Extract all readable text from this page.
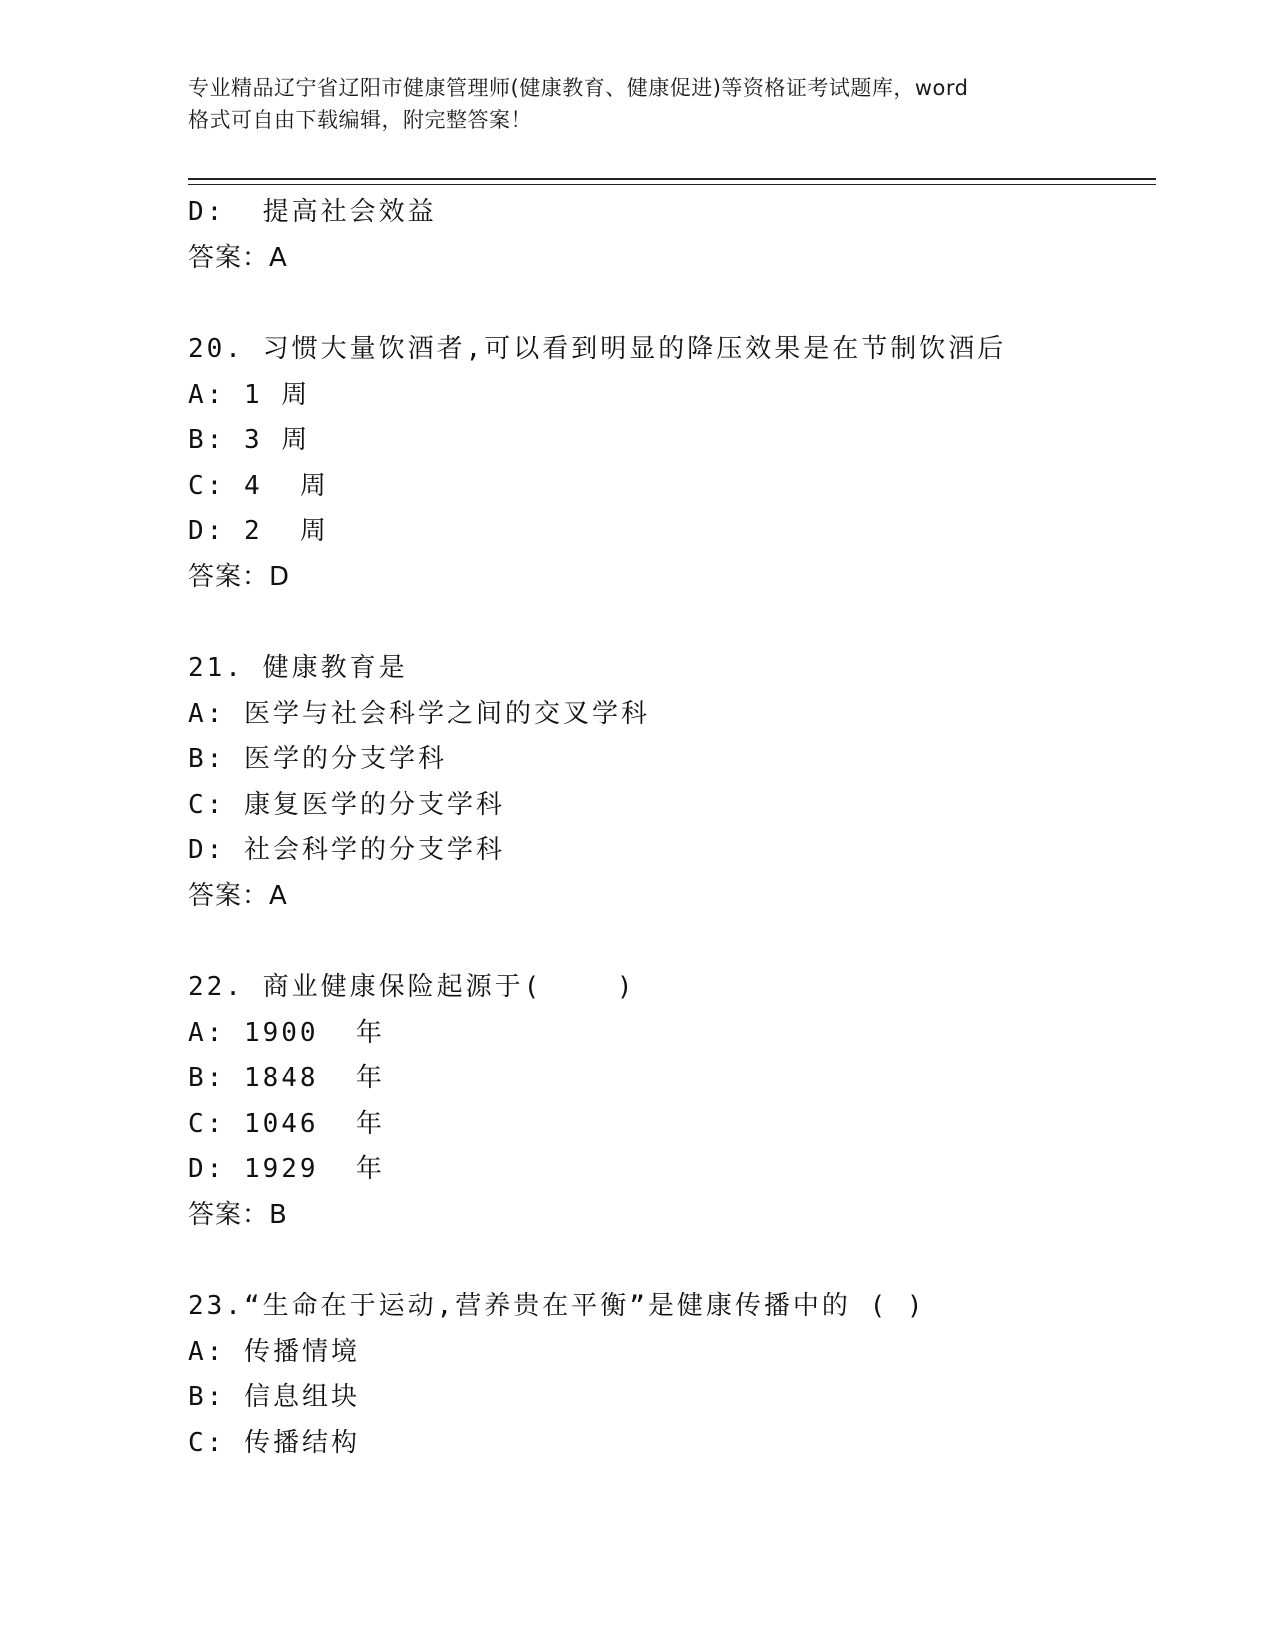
专业精品辽宁省辽阳市健康管理师(健康教育、健康促进)等资格证考试题库，word
格式可自由下载编辑，附完整答案！
D:  提高社会效益
答案：A
20. 习惯大量饮酒者,可以看到明显的降压效果是在节制饮酒后
A: 1 周
B: 3 周
C: 4  周
D: 2  周
答案：D
21. 健康教育是
A: 医学与社会科学之间的交叉学科
B: 医学的分支学科
C: 康复医学的分支学科
D: 社会科学的分支学科
答案：A
22. 商业健康保险起源于(    )
A: 1900  年
B: 1848  年
C: 1046  年
D: 1929  年
答案：B
23.“生命在于运动,营养贵在平衡”是健康传播中的 ( )
A: 传播情境
B: 信息组块
C: 传播结构
